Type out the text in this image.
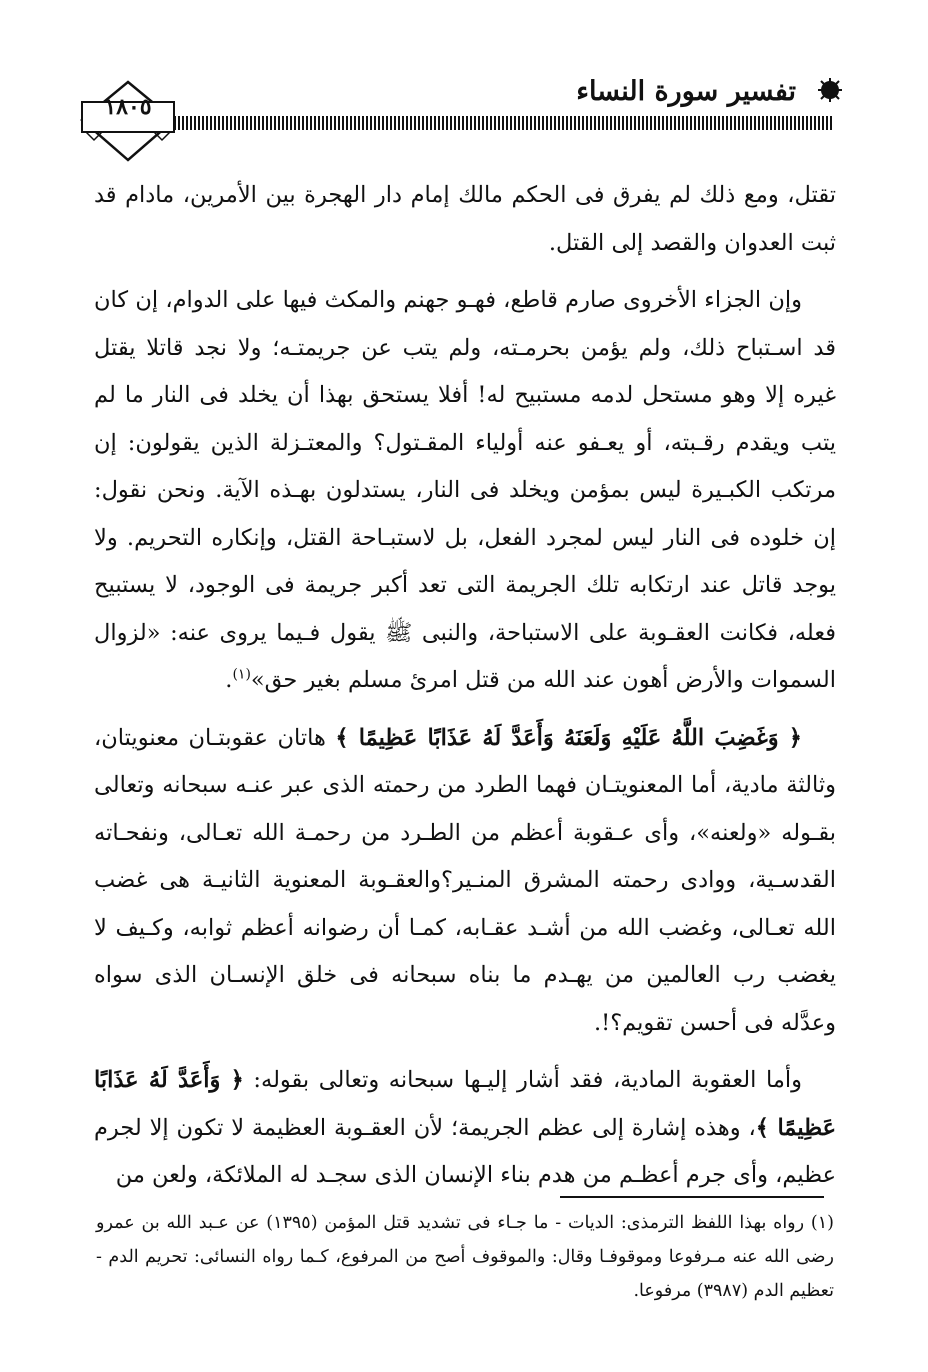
تفسير سورة النساء
١٨٠٥

تقتل، ومع ذلك لم يفرق فى الحكم مالك إمام دار الهجرة بين الأمرين، مادام قد ثبت العدوان والقصد إلى القتل.

وإن الجزاء الأخروى صارم قاطع، فهـو جهنم والمكث فيها على الدوام، إن كان قد اسـتباح ذلك، ولم يؤمن بحرمـته، ولم يتب عن جريمتـه؛ ولا نجد قاتلا يقتل غيره إلا وهو مستحل لدمه مستبيح له! أفلا يستحق بهذا أن يخلد فى النار ما لم يتب ويقدم رقـبته، أو يعـفو عنه أولياء المقـتول؟ والمعتـزلة الذين يقولون: إن مرتكب الكبـيرة ليس بمؤمن ويخلد فى النار، يستدلون بهـذه الآية. ونحن نقول: إن خلوده فى النار ليس لمجرد الفعل، بل لاستبـاحة القتل، وإنكاره التحريم. ولا يوجد قاتل عند ارتكابه تلك الجريمة التى تعد أكبر جريمة فى الوجود، لا يستبيح فعله، فكانت العقـوبة على الاستباحة، والنبى ﷺ يقول فـيما يروى عنه: «لزوال السموات والأرض أهون عند الله من قتل امرئ مسلم بغير حق»$^{(١)}$.

﴿ وَغَضِبَ اللَّهُ عَلَيْهِ وَلَعَنَهُ وَأَعَدَّ لَهُ عَذَابًا عَظِيمًا ﴾ هاتان عقوبتـان معنويتان، وثالثة مادية، أما المعنويتـان فهما الطرد من رحمته الذى عبر عنـه سبحانه وتعالى بقـوله «ولعنه»، وأى عـقوبة أعظم من الطـرد من رحمـة الله تعـالى، ونفحـاته القدسـية، ووادى رحمته المشرق المنـير؟والعقـوبة المعنوية الثانيـة هى غضب الله تعـالى، وغضب الله من أشـد عقـابه، كمـا أن رضوانه أعظم ثوابه، وكـيف لا يغضب رب العالمين من يهـدم ما بناه سبحانه فى خلق الإنسـان الذى سواه وعدَّله فى أحسن تقويم؟!.

وأما العقوبة المادية، فقد أشار إليـها سبحانه وتعالى بقوله: ﴿ وَأَعَدَّ لَهُ عَذَابًا عَظِيمًا ﴾، وهذه إشارة إلى عظم الجريمة؛ لأن العقـوبة العظيمة لا تكون إلا لجرم عظيم، وأى جرم أعظـم من هدم بناء الإنسان الذى سجـد له الملائكة، ولعن من

(١) رواه بهذا اللفظ الترمذى: الديات - ما جـاء فى تشديد قتل المؤمن (١٣٩٥) عن عـبد الله بن عمرو رضى الله عنه مـرفوعا وموقوفـا وقال: والموقوف أصح من المرفوع، كـما رواه النسائى: تحريم الدم - تعظيم الدم (٣٩٨٧) مرفوعا.
